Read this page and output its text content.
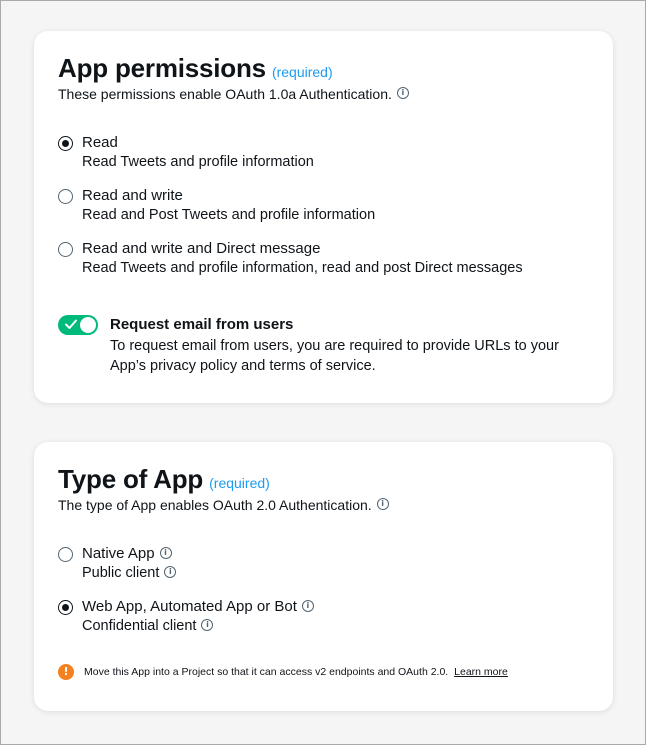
App permissions (required)
These permissions enable OAuth 1.0a Authentication.	i
Read
Read Tweets and profile information
Read and write
Read and Post Tweets and profile information
Read and write and Direct message
Read Tweets and profile information, read and post Direct messages
Request email from users
To request email from users, you are required to provide URLs to your App’s privacy policy and terms of service.
Type of App (required)
The type of App enables OAuth 2.0 Authentication.	i
Native App	i
Public client	i
Web App, Automated App or Bot	i
Confidential client	i
!	Move this App into a Project so that it can access v2 endpoints and OAuth 2.0. Learn more
